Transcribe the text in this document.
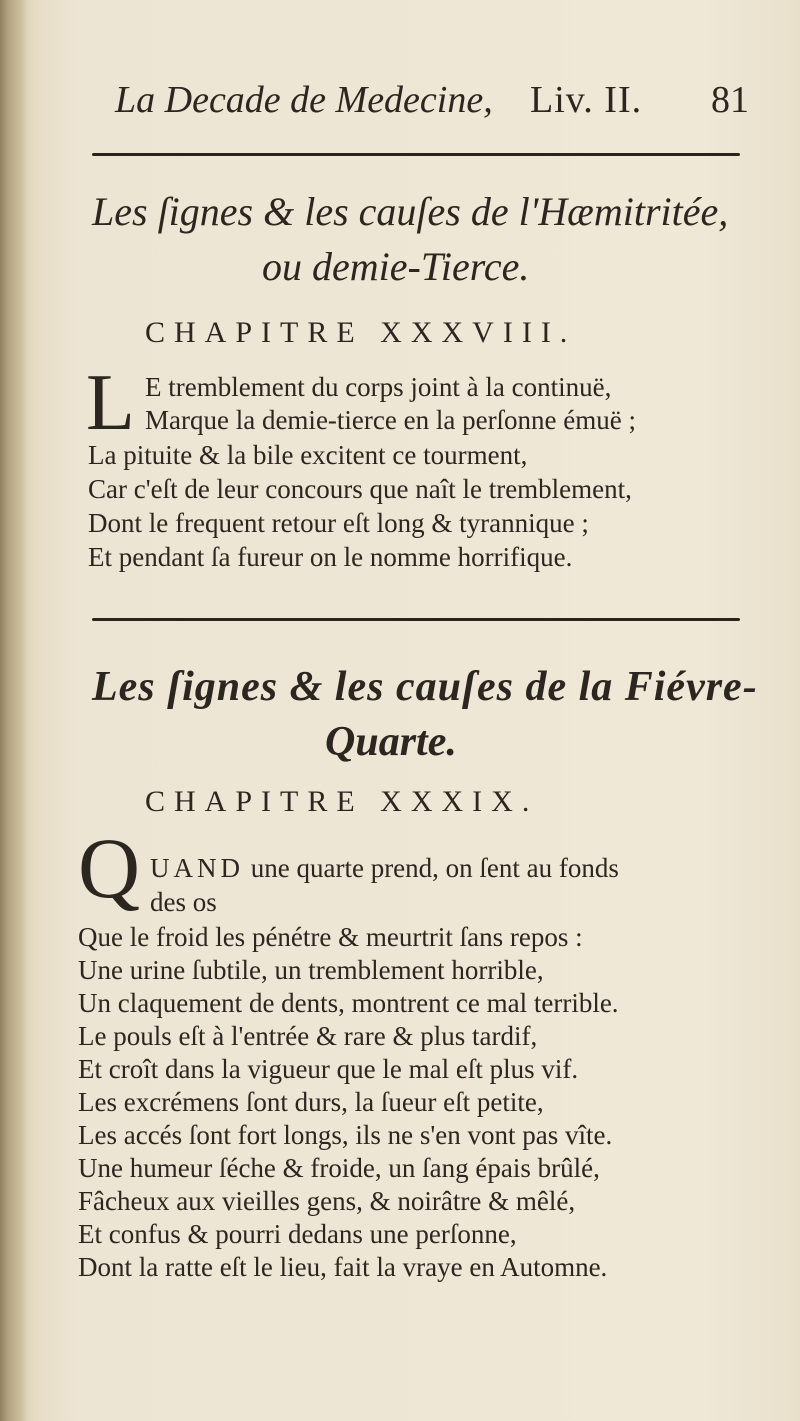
La Decade de Medecine, Liv. II. 81
Les ſignes & les cauſes de l'Hæmitritée,
ou demie-Tierce.
CHAPITRE XXXVIII.
L E tremblement du corps joint à la continuë,
Marque la demie-tierce en la perſonne émuë ;
La pituite & la bile excitent ce tourment,
Car c'eſt de leur concours que naît le tremblement,
Dont le frequent retour eſt long & tyrannique ;
Et pendant ſa fureur on le nomme horrifique.
Les ſignes & les cauſes de la Fiévre-
Quarte.
CHAPITRE XXXIX.
Q UAND une quarte prend, on ſent au fonds
des os
Que le froid les pénétre & meurtrit ſans repos :
Une urine ſubtile, un tremblement horrible,
Un claquement de dents, montrent ce mal terrible.
Le pouls eſt à l'entrée & rare & plus tardif,
Et croît dans la vigueur que le mal eſt plus vif.
Les excrémens ſont durs, la ſueur eſt petite,
Les accés ſont fort longs, ils ne s'en vont pas vîte.
Une humeur ſéche & froide, un ſang épais brûlé,
Fâcheux aux vieilles gens, & noirâtre & mêlé,
Et confus & pourri dedans une perſonne,
Dont la ratte eſt le lieu, fait la vraye en Automne.
